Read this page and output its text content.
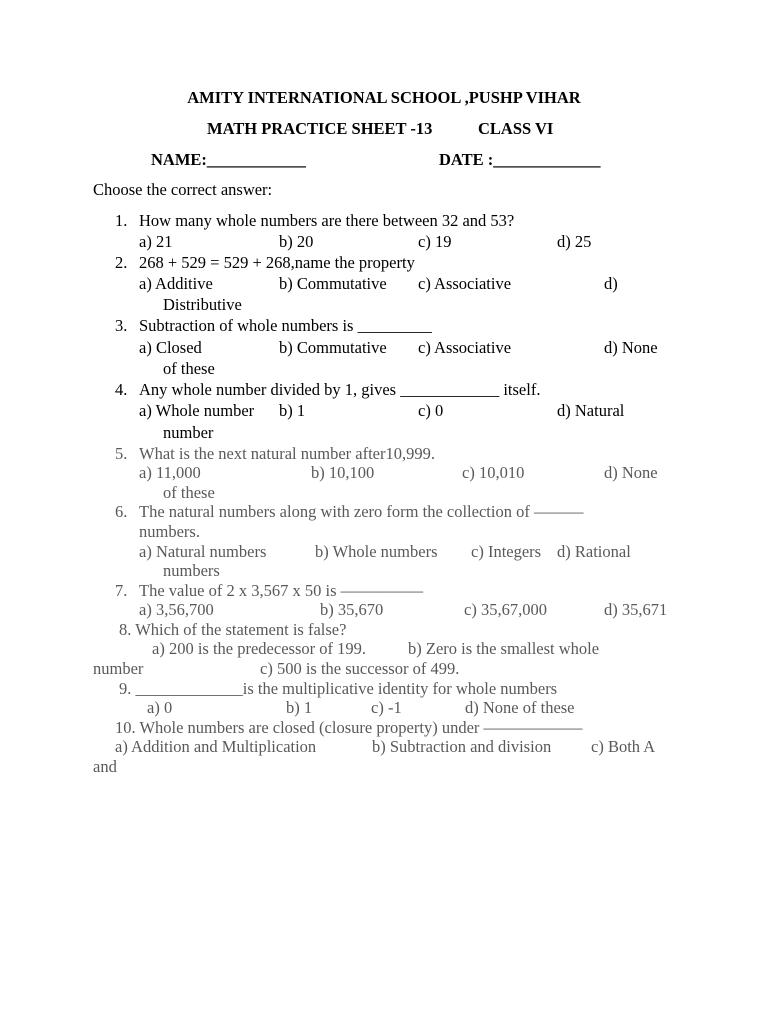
AMITY INTERNATIONAL SCHOOL ,PUSHP VIHAR
MATH PRACTICE SHEET -13	CLASS VI
NAME:____________	DATE :_____________
Choose the correct answer:
1. How many whole numbers are there between 32 and 53?
a) 21	b) 20	c) 19	d) 25
2. 268 + 529 = 529 + 268,name the property
a) Additive	b) Commutative c) Associative	d)
Distributive
3. Subtraction of whole numbers is _________
a) Closed	b) Commutative c) Associative	d) None
of these
4. Any whole number divided by 1, gives ____________ itself.
a) Whole number b) 1	c) 0	d) Natural
number
5. What is the next natural number after10,999.
a) 11,000	b) 10,100	c) 10,010	d) None
of these
6. The natural numbers along with zero form the collection of ———
numbers.
a) Natural numbers	b) Whole numbers c) Integers d) Rational
numbers
7. The value of 2 x 3,567 x 50 is —————
a) 3,56,700	b) 35,670	c) 35,67,000	d) 35,671
8. Which of the statement is false?
a) 200 is the predecessor of 199.	b) Zero is the smallest whole
number	c) 500 is the successor of 499.
9. _____________is the multiplicative identity for whole numbers
a) 0	b) 1	c) -1	d) None of these
10. Whole numbers are closed (closure property) under ——————
a) Addition and Multiplication	b) Subtraction and division c) Both A
and
